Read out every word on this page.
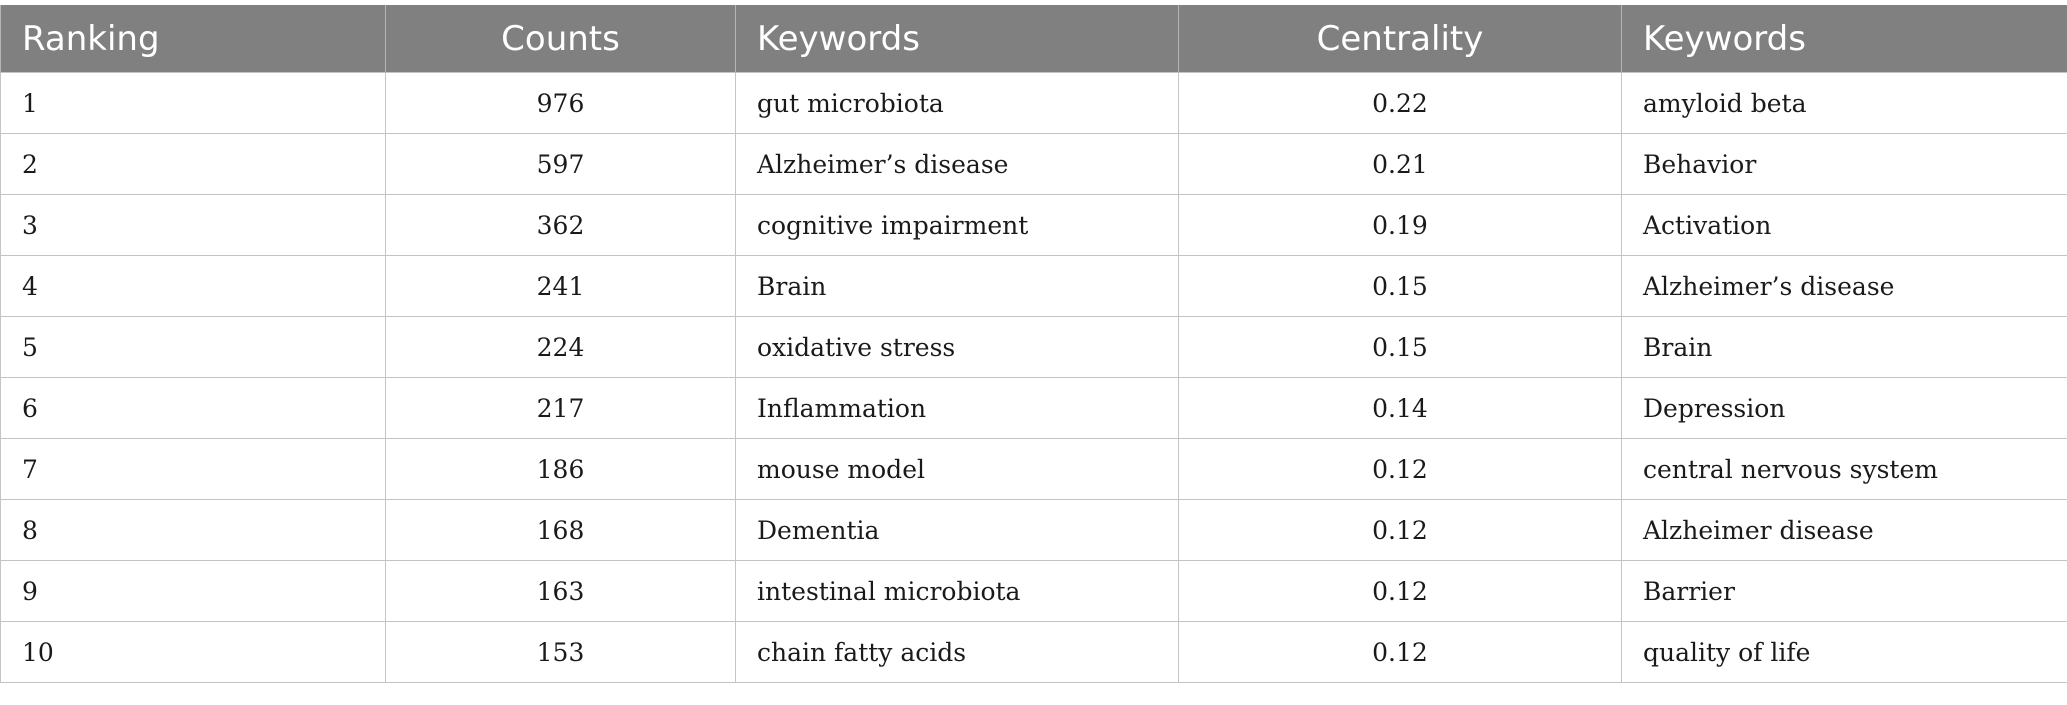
Ranking	Counts	Keywords	Centrality	Keywords
1	976	gut microbiota	0.22	amyloid beta
2	597	Alzheimer’s disease	0.21	Behavior
3	362	cognitive impairment	0.19	Activation
4	241	Brain	0.15	Alzheimer’s disease
5	224	oxidative stress	0.15	Brain
6	217	Inflammation	0.14	Depression
7	186	mouse model	0.12	central nervous system
8	168	Dementia	0.12	Alzheimer disease
9	163	intestinal microbiota	0.12	Barrier
10	153	chain fatty acids	0.12	quality of life
